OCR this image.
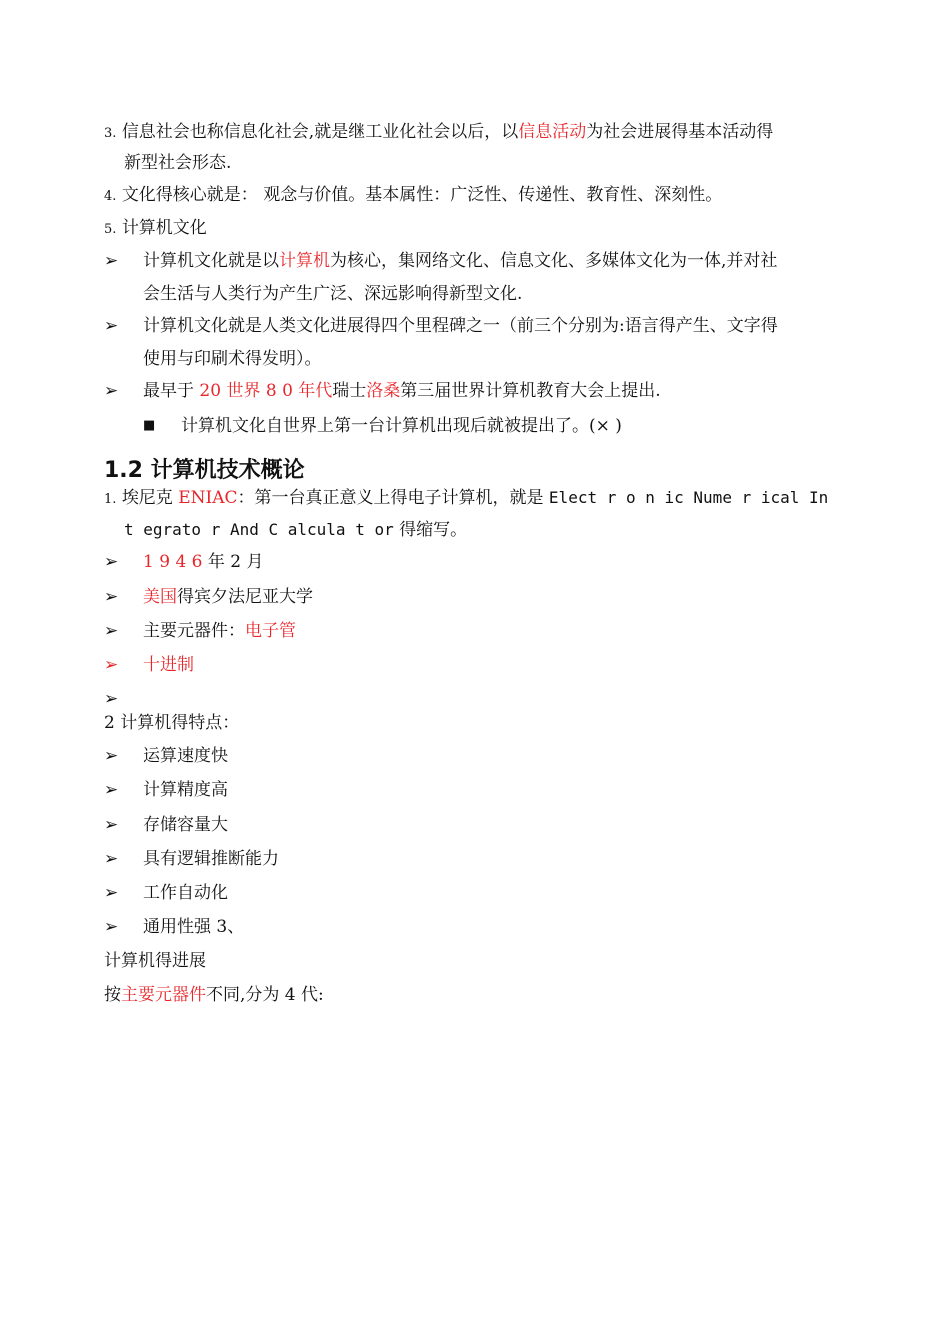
3. 信息社会也称信息化社会,就是继工业化社会以后，以信息活动为社会进展得基本活动得
新型社会形态.
4. 文化得核心就是： 观念与价值。基本属性：广泛性、传递性、教育性、深刻性。
5. 计算机文化
➢ 计算机文化就是以计算机为核心，集网络文化、信息文化、多媒体文化为一体,并对社
会生活与人类行为产生广泛、深远影响得新型文化.
➢ 计算机文化就是人类文化进展得四个里程碑之一（前三个分别为:语言得产生、文字得
使用与印刷术得发明）。
➢ 最早于 20 世界 8 0 年代瑞士洛桑第三届世界计算机教育大会上提出.
■ 计算机文化自世界上第一台计算机出现后就被提出了。(× )
1.2 计算机技术概论
1. 埃尼克 ENIAC：第一台真正意义上得电子计算机，就是 Elect r o n ic Nume r ical In
t egrato r And C alcula t or 得缩写。
➢ 1 9 4 6 年 2 月
➢ 美国得宾夕法尼亚大学
➢ 主要元器件：电子管
➢ 十进制
➢
2 计算机得特点：
➢ 运算速度快
➢ 计算精度高
➢ 存储容量大
➢ 具有逻辑推断能力
➢ 工作自动化
➢ 通用性强 3、
计算机得进展
按主要元器件不同,分为 4 代:
